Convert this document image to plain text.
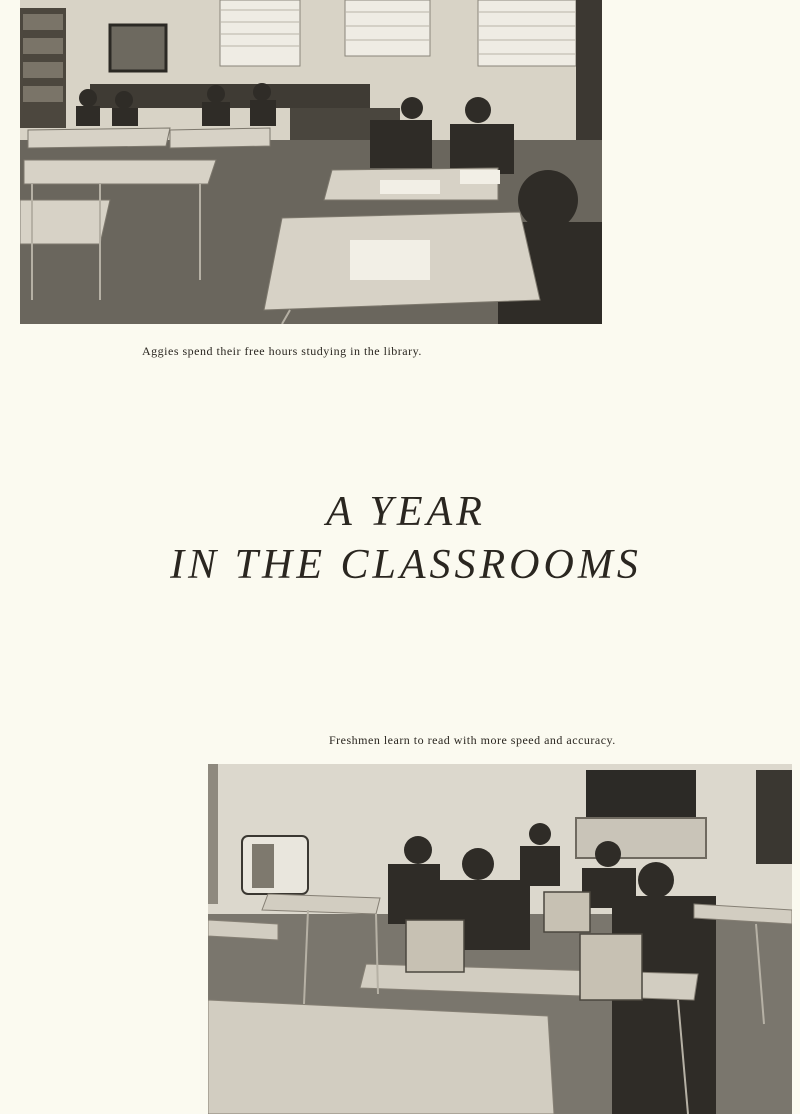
Aggies spend their free hours studying in the library.
A YEAR
IN THE CLASSROOMS
Freshmen learn to read with more speed and accuracy.
